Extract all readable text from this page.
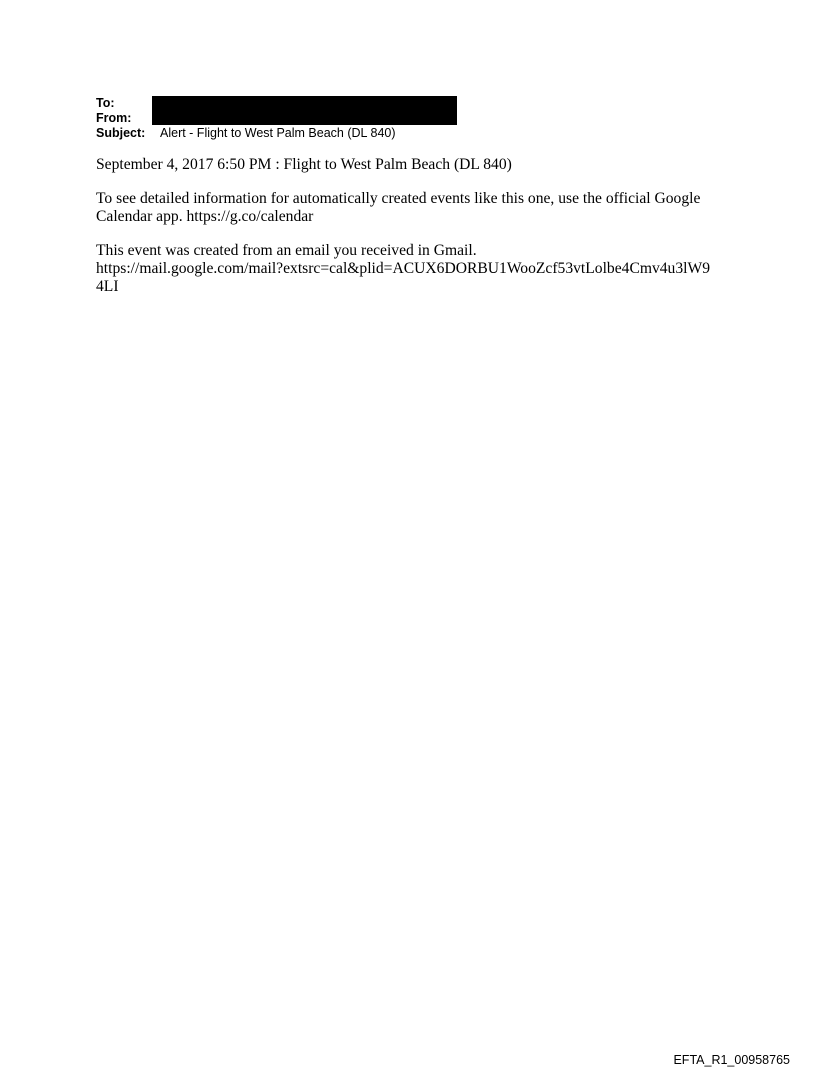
To:
From:
Subject: Alert - Flight to West Palm Beach (DL 840)

September 4, 2017 6:50 PM : Flight to West Palm Beach (DL 840)

To see detailed information for automatically created events like this one, use the official Google
Calendar app. https://g.co/calendar

This event was created from an email you received in Gmail.
https://mail.google.com/mail?extsrc=cal&plid=ACUX6DORBU1WooZcf53vtLolbe4Cmv4u3lW9
4LI

EFTA_R1_00958765
